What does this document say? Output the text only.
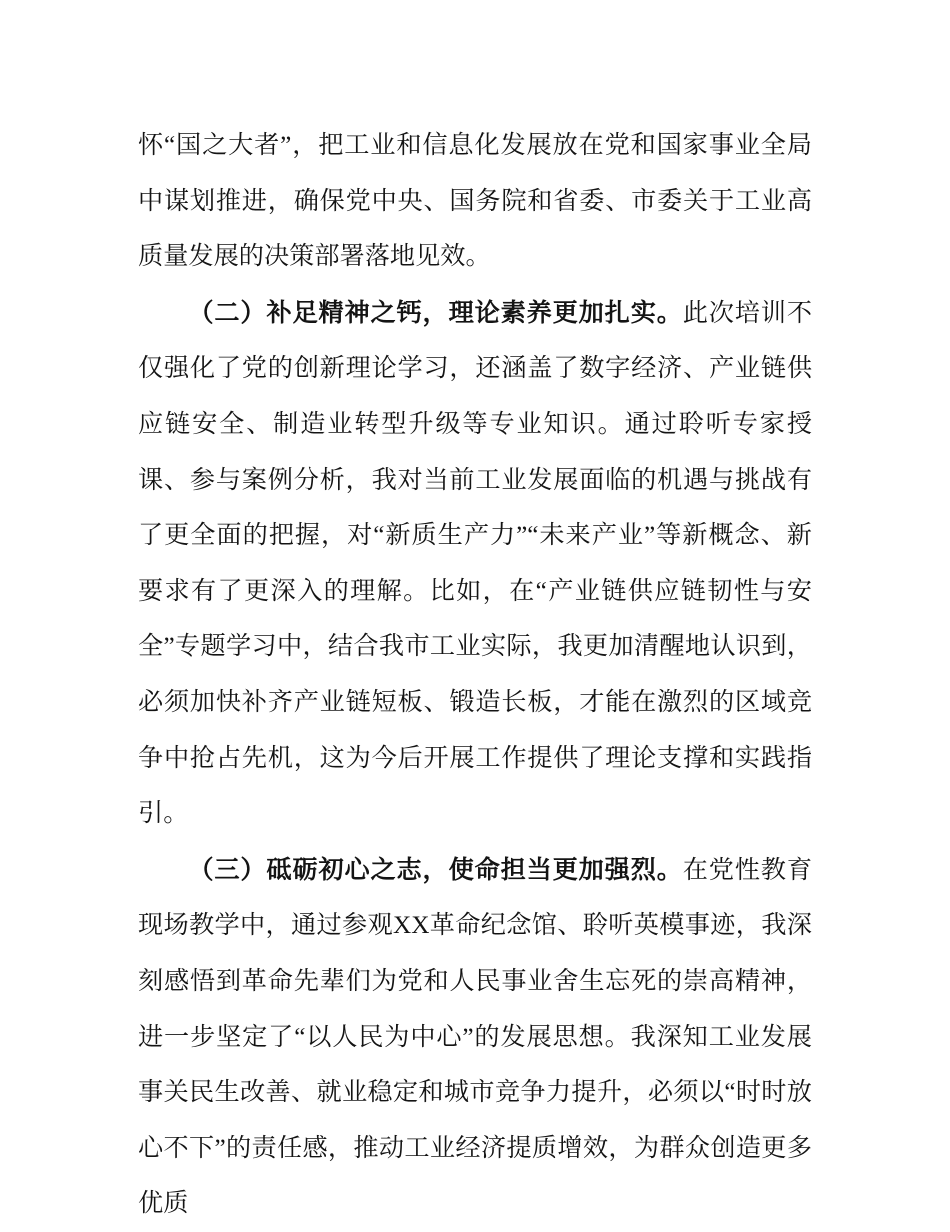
怀“国之大者”，把工业和信息化发展放在党和国家事业全局中谋划推进，确保党中央、国务院和省委、市委关于工业高质量发展的决策部署落地见效。

（二）补足精神之钙，理论素养更加扎实。此次培训不仅强化了党的创新理论学习，还涵盖了数字经济、产业链供应链安全、制造业转型升级等专业知识。通过聆听专家授课、参与案例分析，我对当前工业发展面临的机遇与挑战有了更全面的把握，对“新质生产力”“未来产业”等新概念、新要求有了更深入的理解。比如，在“产业链供应链韧性与安全”专题学习中，结合我市工业实际，我更加清醒地认识到，必须加快补齐产业链短板、锻造长板，才能在激烈的区域竞争中抢占先机，这为今后开展工作提供了理论支撑和实践指引。

（三）砥砺初心之志，使命担当更加强烈。在党性教育现场教学中，通过参观XX革命纪念馆、聆听英模事迹，我深刻感悟到革命先辈们为党和人民事业舍生忘死的崇高精神，进一步坚定了“以人民为中心”的发展思想。我深知工业发展事关民生改善、就业稳定和城市竞争力提升，必须以“时时放心不下”的责任感，推动工业经济提质增效，为群众创造更多优质
